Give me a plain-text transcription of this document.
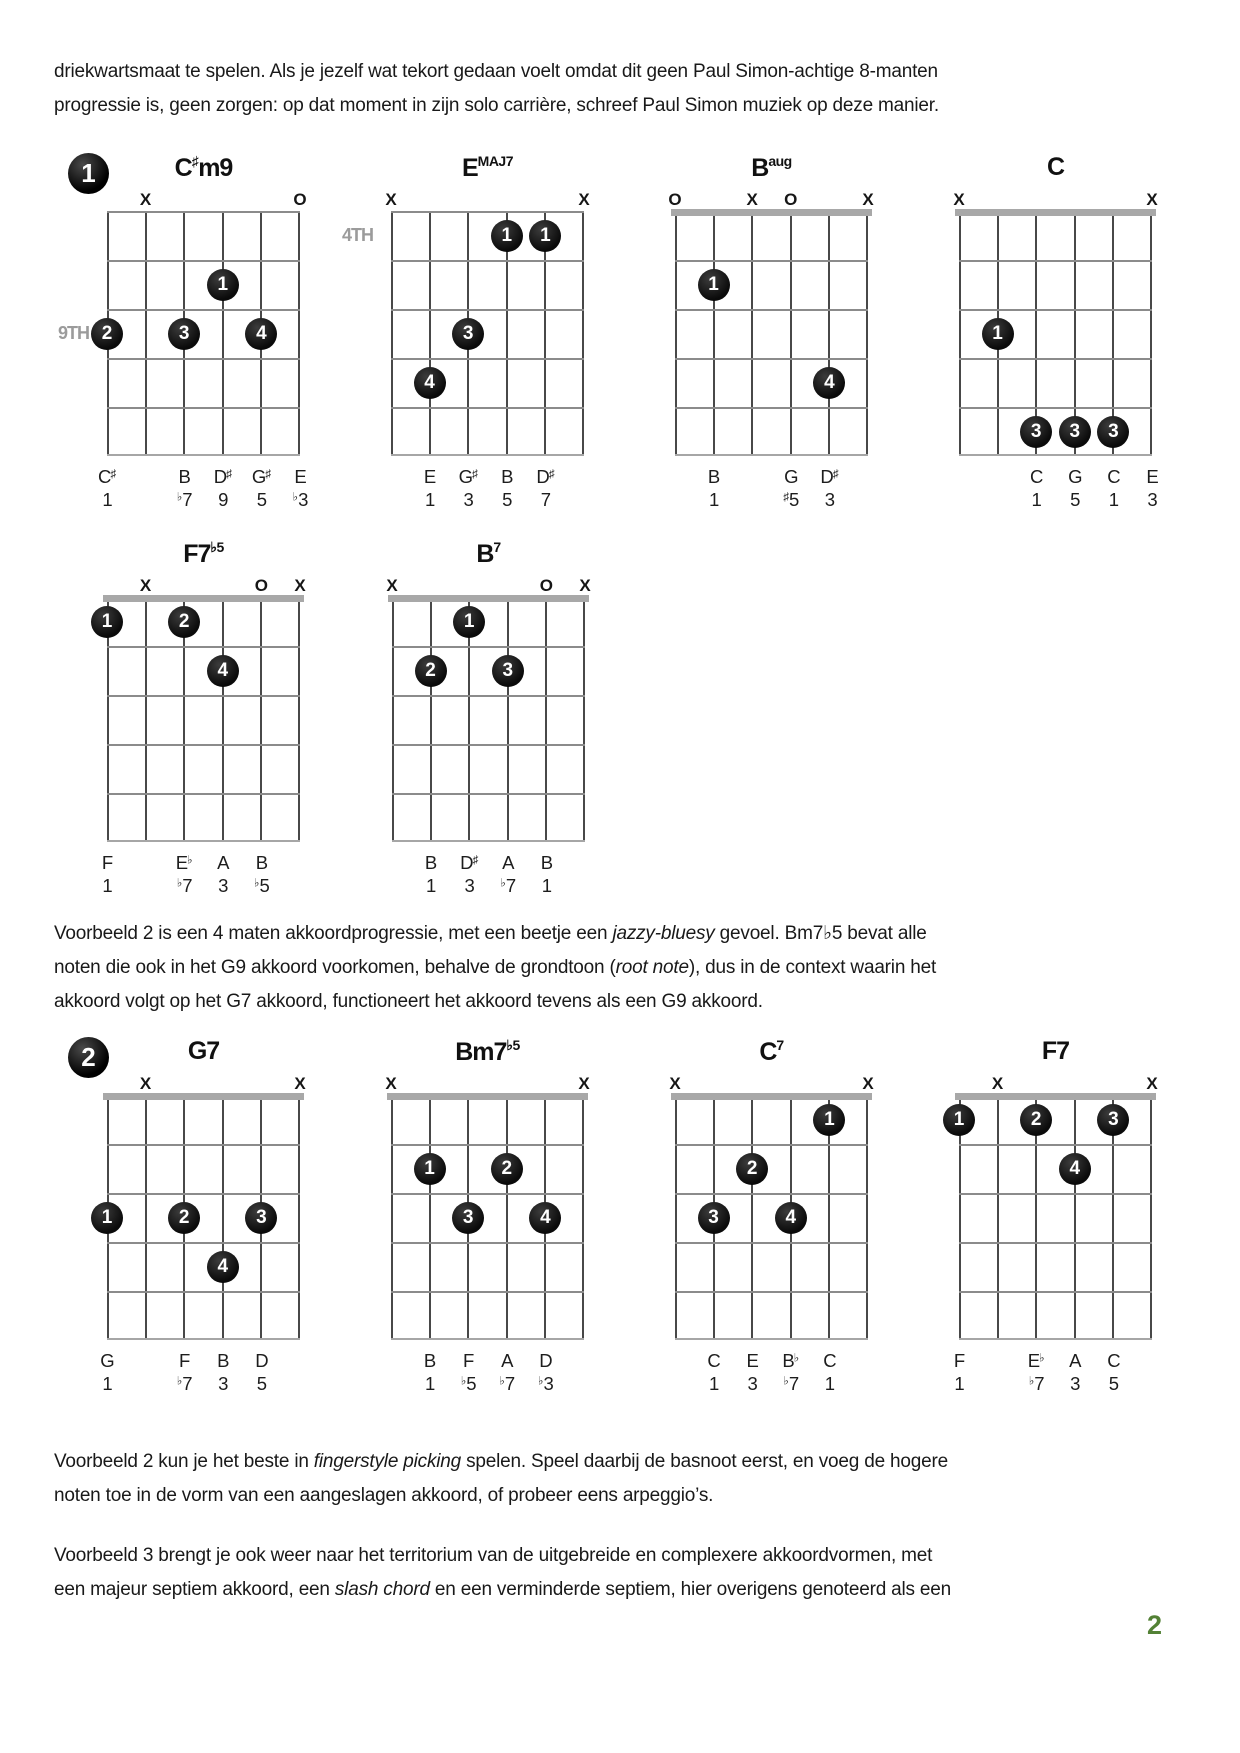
driekwartsmaat te spelen. Als je jezelf wat tekort gedaan voelt omdat dit geen Paul Simon-achtige 8-manten
progressie is, geen zorgen: op dat moment in zijn solo carrière, schreef Paul Simon muziek op deze manier.

1	C♯m9
X	O
9TH
1
2	3	4
C♯	B	D♯	G♯	E
1	♭7	9	5	♭3
$E^{MAJ7}$
X	X
4TH	1	1
3
4
E	G♯	B	D♯
1	3	5	7
$B^{aug}$
O	X O	X
1
4
B	G	D♯
1	♯5	3
C
X	X
1
3	3	3
C	G	C	E
1	5	1	3
$F7^{♭5}$
X	O X
1	2
4
F	E♭	A	B
1	♭7	3	♭5
$B^7$
X	O X
1
2	3
B	D♯	A	B
1	3	♭7	1

Voorbeeld 2 is een 4 maten akkoordprogressie, met een beetje een jazzy-bluesy gevoel. Bm7♭5 bevat alle
noten die ook in het G9 akkoord voorkomen, behalve de grondtoon (root note), dus in de context waarin het
akkoord volgt op het G7 akkoord, functioneert het akkoord tevens als een G9 akkoord.

2	G7
X	X
1	2	3
4
G	F	B	D
1	♭7	3	5
$Bm7^{♭5}$
X	X
1	2
3	4
B	F	A	D
1	♭5	♭7	♭3
$C^7$
X	X
1
2
3	4
C	E	B♭	C
1	3	♭7	1
F7
X	X
1	2	3
4
F	E♭	A	C
1	♭7	3	5

Voorbeeld 2 kun je het beste in fingerstyle picking spelen. Speel daarbij de basnoot eerst, en voeg de hogere
noten toe in de vorm van een aangeslagen akkoord, of probeer eens arpeggio’s.

Voorbeeld 3 brengt je ook weer naar het territorium van de uitgebreide en complexere akkoordvormen, met
een majeur septiem akkoord, een slash chord en een verminderde septiem, hier overigens genoteerd als een

2
